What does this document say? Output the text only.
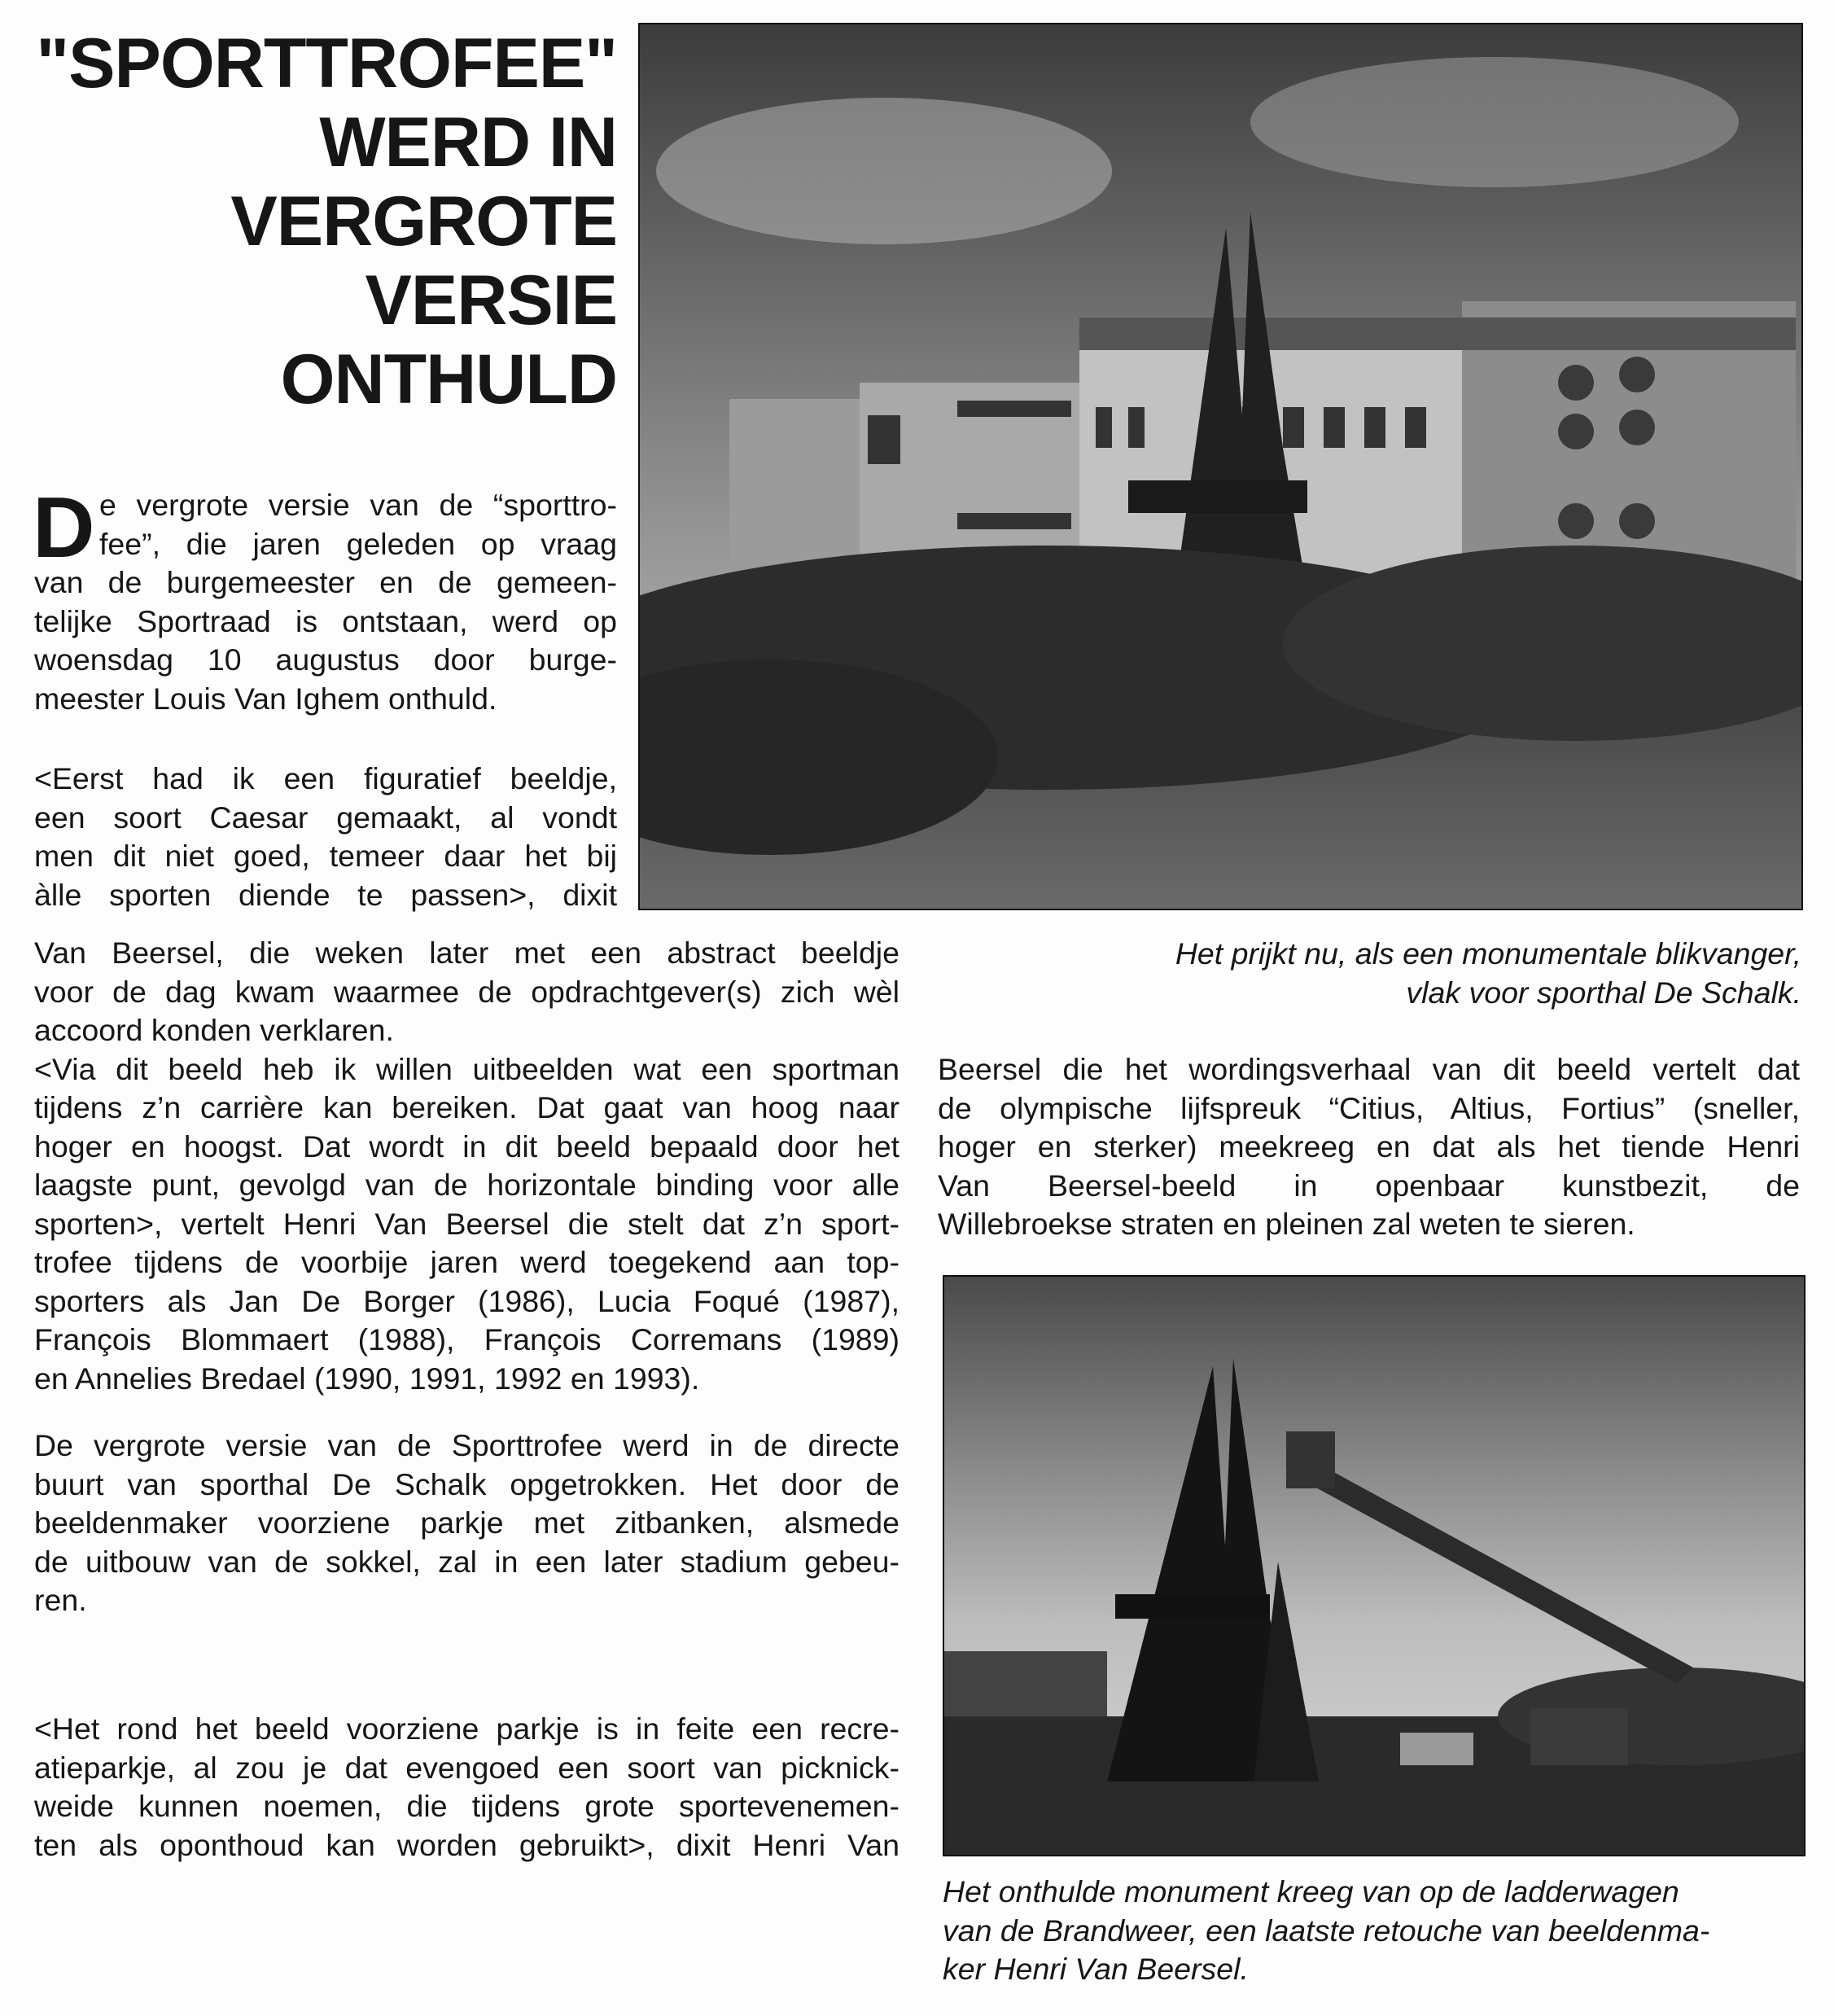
"SPORTTROFEE"
WERD IN
VERGROTE
VERSIE
ONTHULD
Het prijkt nu, als een monumentale blikvanger,
vlak voor sporthal De Schalk.
D e vergrote versie van de “sporttro-
fee”, die jaren geleden op vraag
van de burgemeester en de gemeen-
telijke Sportraad is ontstaan, werd op
woensdag 10 augustus door burge-
meester Louis Van Ighem onthuld.
<Eerst had ik een figuratief beeldje,
een soort Caesar gemaakt, al vondt
men dit niet goed, temeer daar het bij
àlle sporten diende te passen>, dixit
Van Beersel, die weken later met een abstract beeldje
voor de dag kwam waarmee de opdrachtgever(s) zich wèl
accoord konden verklaren.
<Via dit beeld heb ik willen uitbeelden wat een sportman
tijdens z’n carrière kan bereiken. Dat gaat van hoog naar
hoger en hoogst. Dat wordt in dit beeld bepaald door het
laagste punt, gevolgd van de horizontale binding voor alle
sporten>, vertelt Henri Van Beersel die stelt dat z’n sport-
trofee tijdens de voorbije jaren werd toegekend aan top-
sporters als Jan De Borger (1986), Lucia Foqué (1987),
François Blommaert (1988), François Corremans (1989)
en Annelies Bredael (1990, 1991, 1992 en 1993).
De vergrote versie van de Sporttrofee werd in de directe
buurt van sporthal De Schalk opgetrokken. Het door de
beeldenmaker voorziene parkje met zitbanken, alsmede
de uitbouw van de sokkel, zal in een later stadium gebeu-
ren.
<Het rond het beeld voorziene parkje is in feite een recre-
atieparkje, al zou je dat evengoed een soort van picknick-
weide kunnen noemen, die tijdens grote sportevenemen-
ten als oponthoud kan worden gebruikt>, dixit Henri Van
Beersel die het wordingsverhaal van dit beeld vertelt dat
de olympische lijfspreuk “Citius, Altius, Fortius” (sneller,
hoger en sterker) meekreeg en dat als het tiende Henri
Van Beersel-beeld in openbaar kunstbezit, de
Willebroekse straten en pleinen zal weten te sieren.
Het onthulde monument kreeg van op de ladderwagen
van de Brandweer, een laatste retouche van beeldenma-
ker Henri Van Beersel.
